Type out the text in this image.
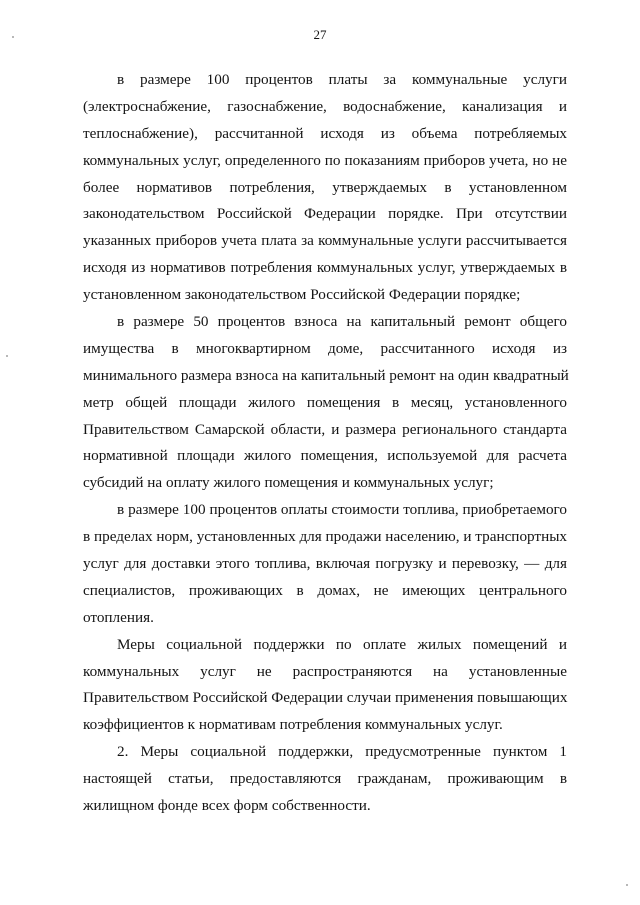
27
в размере 100 процентов платы за коммунальные услуги
(электроснабжение, газоснабжение, водоснабжение, канализация и
теплоснабжение), рассчитанной исходя из объема потребляемых
коммунальных услуг, определенного по показаниям приборов учета, но не
более нормативов потребления, утверждаемых в установленном
законодательством Российской Федерации порядке. При отсутствии
указанных приборов учета плата за коммунальные услуги рассчитывается
исходя из нормативов потребления коммунальных услуг, утверждаемых в
установленном законодательством Российской Федерации порядке;
в размере 50 процентов взноса на капитальный ремонт общего
имущества в многоквартирном доме, рассчитанного исходя из
минимального размера взноса на капитальный ремонт на один квадратный
метр общей площади жилого помещения в месяц, установленного
Правительством Самарской области, и размера регионального стандарта
нормативной площади жилого помещения, используемой для расчета
субсидий на оплату жилого помещения и коммунальных услуг;
в размере 100 процентов оплаты стоимости топлива, приобретаемого
в пределах норм, установленных для продажи населению, и транспортных
услуг для доставки этого топлива, включая погрузку и перевозку, — для
специалистов, проживающих в домах, не имеющих центрального
отопления.
Меры социальной поддержки по оплате жилых помещений и
коммунальных услуг не распространяются на установленные
Правительством Российской Федерации случаи применения повышающих
коэффициентов к нормативам потребления коммунальных услуг.
2. Меры социальной поддержки, предусмотренные пунктом 1
настоящей статьи, предоставляются гражданам, проживающим в
жилищном фонде всех форм собственности.
